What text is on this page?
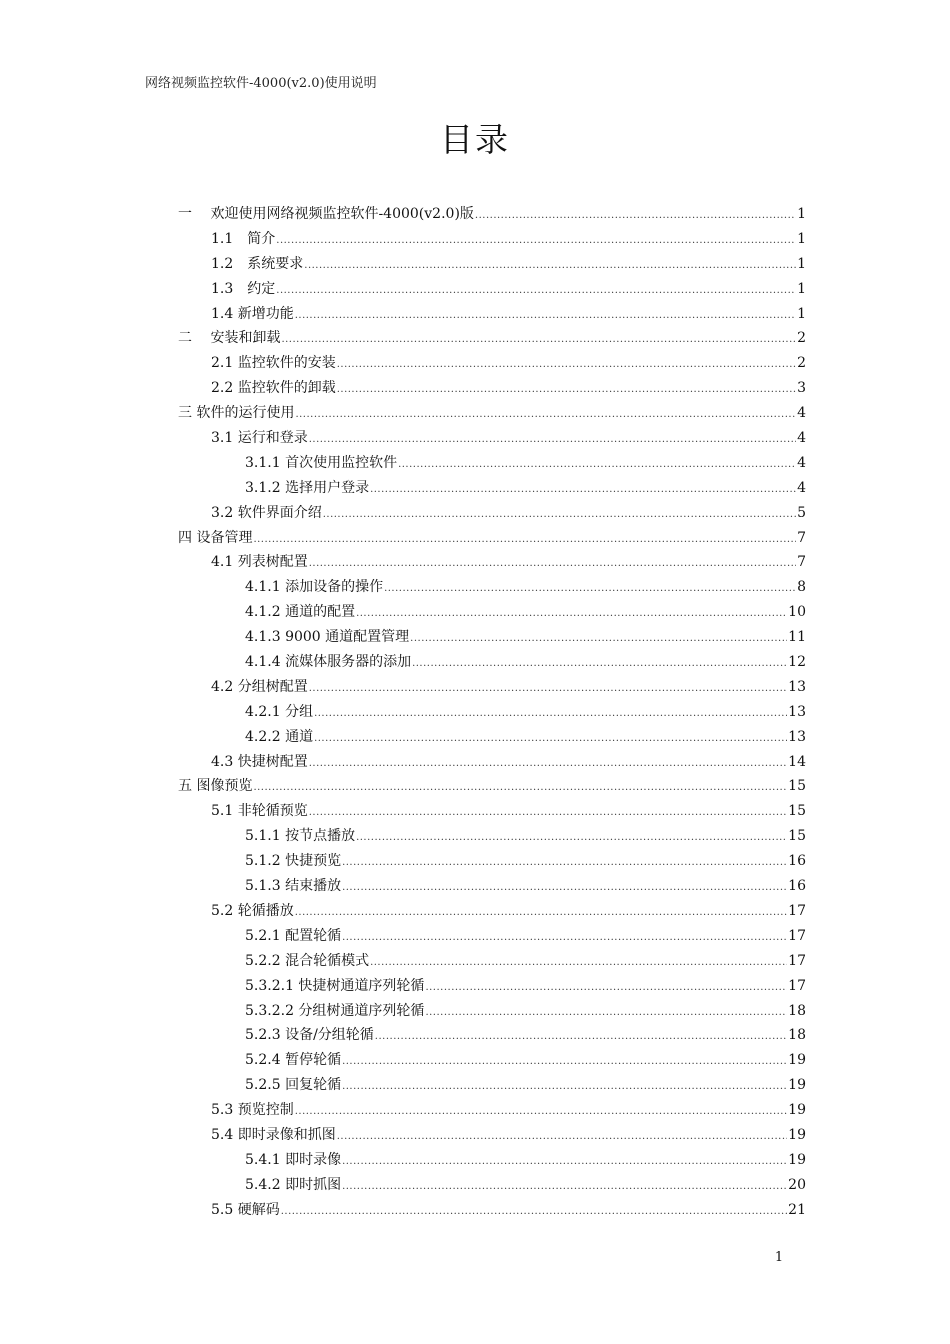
网络视频监控软件-4000(v2.0)使用说明
目录
一　 欢迎使用网络视频监控软件-4000(v2.0)版 .....	1
1.1　简介 .....	1
1.2　系统要求 .....	1
1.3　约定 .....	1
1.4 新增功能 .....	1
二　 安装和卸载 .....	2
2.1 监控软件的安装 .....	2
2.2 监控软件的卸载 .....	3
三 软件的运行使用 .....	4
3.1 运行和登录 .....	4
3.1.1 首次使用监控软件 .....	4
3.1.2 选择用户登录 .....	4
3.2 软件界面介绍 .....	5
四 设备管理 .....	7
4.1 列表树配置 .....	7
4.1.1 添加设备的操作 .....	8
4.1.2 通道的配置 .....	10
4.1.3 9000 通道配置管理 .....	11
4.1.4 流媒体服务器的添加 .....	12
4.2 分组树配置 .....	13
4.2.1 分组 .....	13
4.2.2 通道 .....	13
4.3 快捷树配置 .....	14
五 图像预览 .....	15
5.1 非轮循预览 .....	15
5.1.1 按节点播放 .....	15
5.1.2 快捷预览 .....	16
5.1.3 结束播放 .....	16
5.2 轮循播放 .....	17
5.2.1 配置轮循 .....	17
5.2.2 混合轮循模式 .....	17
5.3.2.1 快捷树通道序列轮循 .....	17
5.3.2.2 分组树通道序列轮循 .....	18
5.2.3 设备/分组轮循 .....	18
5.2.4 暂停轮循 .....	19
5.2.5 回复轮循 .....	19
5.3 预览控制 .....	19
5.4 即时录像和抓图 .....	19
5.4.1 即时录像 .....	19
5.4.2 即时抓图 .....	20
5.5 硬解码 .....	21
1
